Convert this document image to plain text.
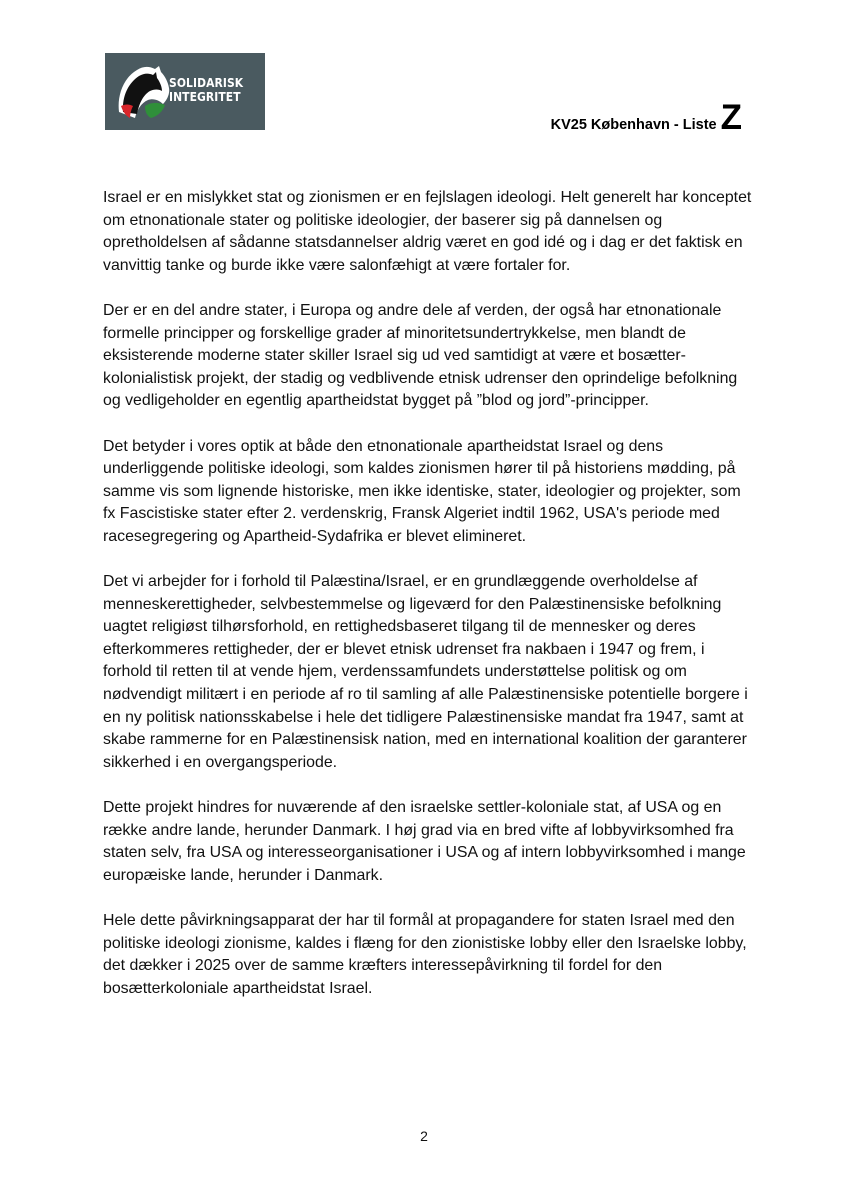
SOLIDARISK
INTEGRITET
KV25 København - Liste Z

Israel er en mislykket stat og zionismen er en fejlslagen ideologi. Helt generelt har konceptet om etnonationale stater og politiske ideologier, der baserer sig på dannelsen og opretholdelsen af sådanne statsdannelser aldrig været en god idé og i dag er det faktisk en vanvittig tanke og burde ikke være salonfæhigt at være fortaler for.

Der er en del andre stater, i Europa og andre dele af verden, der også har etnonationale formelle principper og forskellige grader af minoritetsundertrykkelse, men blandt de eksisterende moderne stater skiller Israel sig ud ved samtidigt at være et bosætter-kolonialistisk projekt, der stadig og vedblivende etnisk udrenser den oprindelige befolkning og vedligeholder en egentlig apartheidstat bygget på ”blod og jord”-principper.

Det betyder i vores optik at både den etnonationale apartheidstat Israel og dens underliggende politiske ideologi, som kaldes zionismen hører til på historiens mødding, på samme vis som lignende historiske, men ikke identiske, stater, ideologier og projekter, som fx Fascistiske stater efter 2. verdenskrig, Fransk Algeriet indtil 1962, USA's periode med racesegregering og Apartheid-Sydafrika er blevet elimineret.

Det vi arbejder for i forhold til Palæstina/Israel, er en grundlæggende overholdelse af menneskerettigheder, selvbestemmelse og ligeværd for den Palæstinensiske befolkning uagtet religiøst tilhørsforhold, en rettighedsbaseret tilgang til de mennesker og deres efterkommeres rettigheder, der er blevet etnisk udrenset fra nakbaen i 1947 og frem, i forhold til retten til at vende hjem, verdenssamfundets understøttelse politisk og om nødvendigt militært i en periode af ro til samling af alle Palæstinensiske potentielle borgere i en ny politisk nationsskabelse i hele det tidligere Palæstinensiske mandat fra 1947, samt at skabe rammerne for en Palæstinensisk nation, med en international koalition der garanterer sikkerhed i en overgangsperiode.

Dette projekt hindres for nuværende af den israelske settler-koloniale stat, af USA og en række andre lande, herunder Danmark. I høj grad via en bred vifte af lobbyvirksomhed fra staten selv, fra USA og interesseorganisationer i USA og af intern lobbyvirksomhed i mange europæiske lande, herunder i Danmark.

Hele dette påvirkningsapparat der har til formål at propagandere for staten Israel med den politiske ideologi zionisme, kaldes i flæng for den zionistiske lobby eller den Israelske lobby, det dækker i 2025 over de samme kræfters interessepåvirkning til fordel for den bosætterkoloniale apartheidstat Israel.

2
